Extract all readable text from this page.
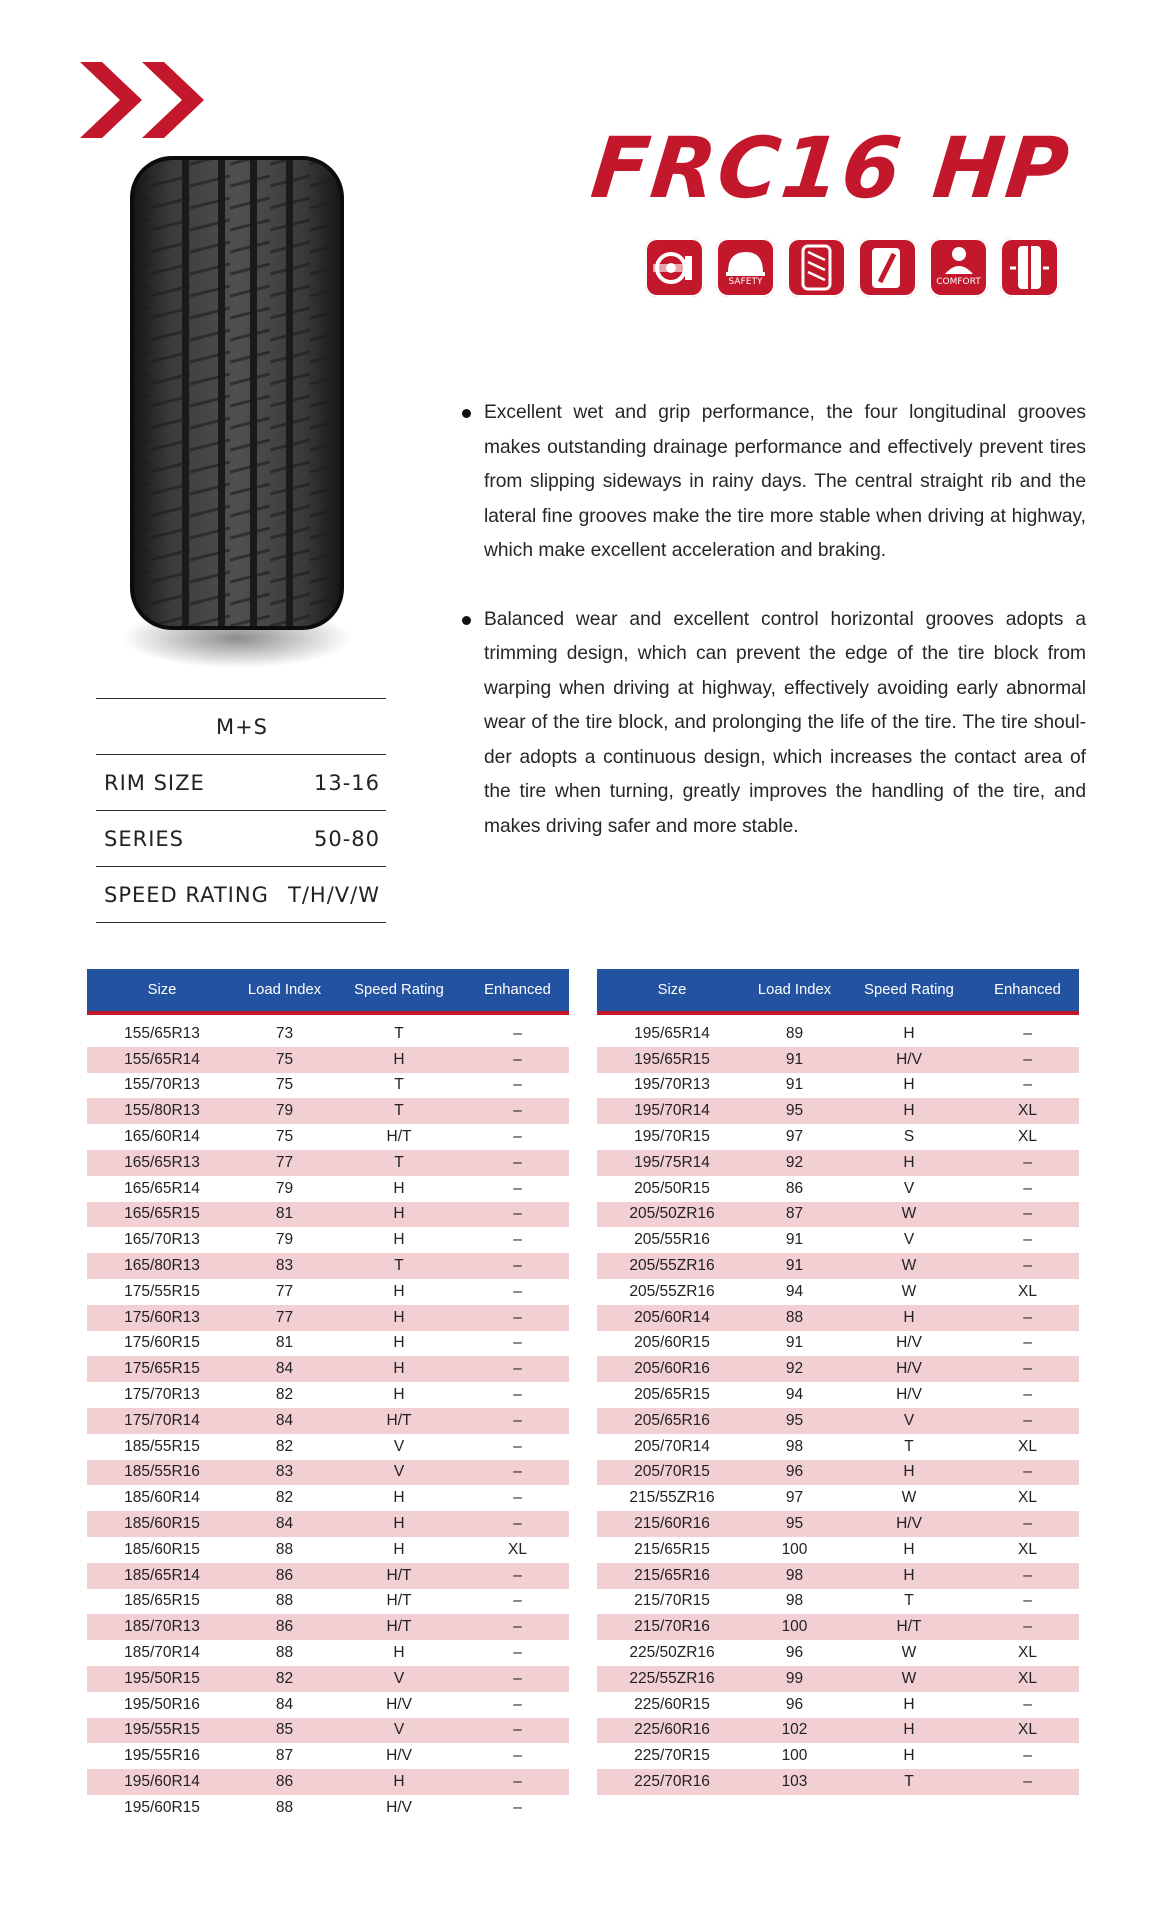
FRC16 HP
SAFETY	COMFORT
Excellent wet and grip performance, the four longitudinal grooves makes outstanding drainage performance and effectively prevent tires from slipping sideways in rainy days. The central straight rib and the lateral fine grooves make the tire more stable when driving at highway, which make excellent acceleration and braking.
Balanced wear and excellent control horizontal grooves adopts a trimming design, which can prevent the edge of the tire block from warping when driving at highway, effectively avoiding early abnormal wear of the tire block, and prolonging the life of the tire. The tire shoul-der adopts a continuous design, which increases the contact area of the tire when turning, greatly improves the handling of the tire, and makes driving safer and more stable.
M+S
RIM SIZE	13-16
SERIES	50-80
SPEED RATING T/H/V/W
Size	Load Index	Speed Rating	Enhanced
155/65R13	73	T	–
155/65R14	75	H	–
155/70R13	75	T	–
155/80R13	79	T	–
165/60R14	75	H/T	–
165/65R13	77	T	–
165/65R14	79	H	–
165/65R15	81	H	–
165/70R13	79	H	–
165/80R13	83	T	–
175/55R15	77	H	–
175/60R13	77	H	–
175/60R15	81	H	–
175/65R15	84	H	–
175/70R13	82	H	–
175/70R14	84	H/T	–
185/55R15	82	V	–
185/55R16	83	V	–
185/60R14	82	H	–
185/60R15	84	H	–
185/60R15	88	H	XL
185/65R14	86	H/T	–
185/65R15	88	H/T	–
185/70R13	86	H/T	–
185/70R14	88	H	–
195/50R15	82	V	–
195/50R16	84	H/V	–
195/55R15	85	V	–
195/55R16	87	H/V	–
195/60R14	86	H	–
195/60R15	88	H/V	–
Size	Load Index	Speed Rating	Enhanced
195/65R14	89	H	–
195/65R15	91	H/V	–
195/70R13	91	H	–
195/70R14	95	H	XL
195/70R15	97	S	XL
195/75R14	92	H	–
205/50R15	86	V	–
205/50ZR16	87	W	–
205/55R16	91	V	–
205/55ZR16	91	W	–
205/55ZR16	94	W	XL
205/60R14	88	H	–
205/60R15	91	H/V	–
205/60R16	92	H/V	–
205/65R15	94	H/V	–
205/65R16	95	V	–
205/70R14	98	T	XL
205/70R15	96	H	–
215/55ZR16	97	W	XL
215/60R16	95	H/V	–
215/65R15	100	H	XL
215/65R16	98	H	–
215/70R15	98	T	–
215/70R16	100	H/T	–
225/50ZR16	96	W	XL
225/55ZR16	99	W	XL
225/60R15	96	H	–
225/60R16	102	H	XL
225/70R15	100	H	–
225/70R16	103	T	–
